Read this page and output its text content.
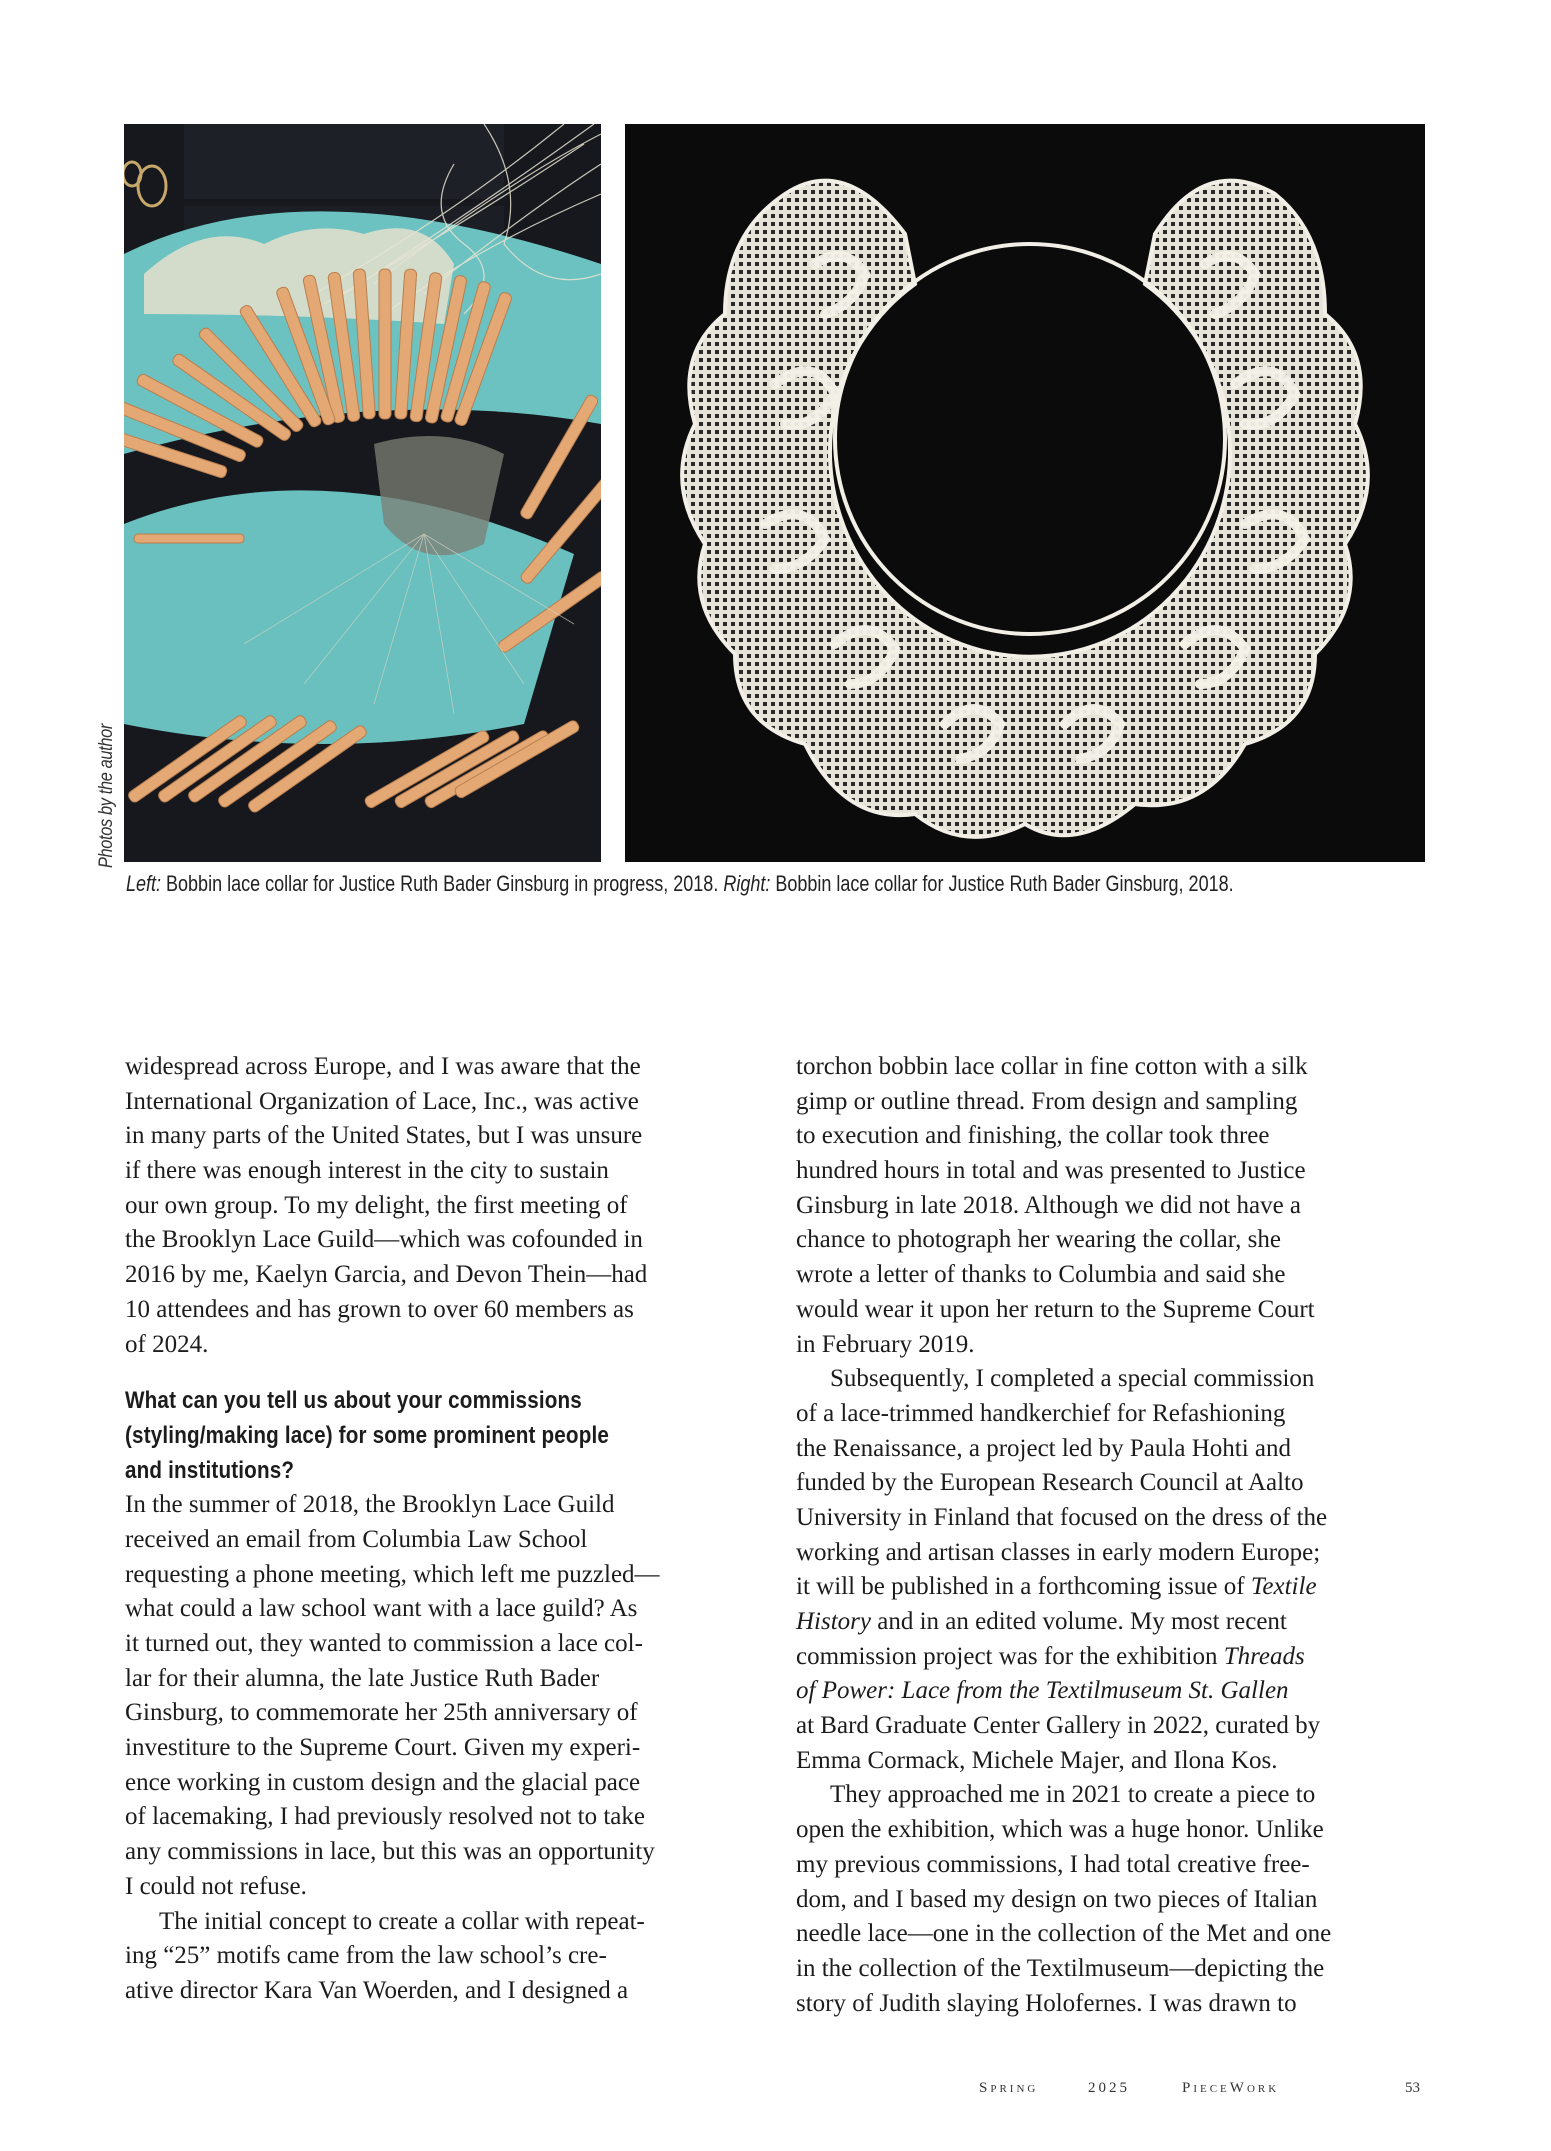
Photos by the author
Left: Bobbin lace collar for Justice Ruth Bader Ginsburg in progress, 2018. Right: Bobbin lace collar for Justice Ruth Bader Ginsburg, 2018.
widespread across Europe, and I was aware that the
International Organization of Lace, Inc., was active
in many parts of the United States, but I was unsure
if there was enough interest in the city to sustain
our own group. To my delight, the first meeting of
the Brooklyn Lace Guild—which was cofounded in
2016 by me, Kaelyn Garcia, and Devon Thein—had
10 attendees and has grown to over 60 members as
of 2024.
What can you tell us about your commissions
(styling/making lace) for some prominent people
and institutions?
In the summer of 2018, the Brooklyn Lace Guild
received an email from Columbia Law School
requesting a phone meeting, which left me puzzled—
what could a law school want with a lace guild? As
it turned out, they wanted to commission a lace col-
lar for their alumna, the late Justice Ruth Bader
Ginsburg, to commemorate her 25th anniversary of
investiture to the Supreme Court. Given my experi-
ence working in custom design and the glacial pace
of lacemaking, I had previously resolved not to take
any commissions in lace, but this was an opportunity
I could not refuse.
The initial concept to create a collar with repeat-
ing “25” motifs came from the law school’s cre-
ative director Kara Van Woerden, and I designed a
torchon bobbin lace collar in fine cotton with a silk
gimp or outline thread. From design and sampling
to execution and finishing, the collar took three
hundred hours in total and was presented to Justice
Ginsburg in late 2018. Although we did not have a
chance to photograph her wearing the collar, she
wrote a letter of thanks to Columbia and said she
would wear it upon her return to the Supreme Court
in February 2019.
Subsequently, I completed a special commission
of a lace-trimmed handkerchief for Refashioning
the Renaissance, a project led by Paula Hohti and
funded by the European Research Council at Aalto
University in Finland that focused on the dress of the
working and artisan classes in early modern Europe;
it will be published in a forthcoming issue of Textile
History and in an edited volume. My most recent
commission project was for the exhibition Threads
of Power: Lace from the Textilmuseum St. Gallen
at Bard Graduate Center Gallery in 2022, curated by
Emma Cormack, Michele Majer, and Ilona Kos.
They approached me in 2021 to create a piece to
open the exhibition, which was a huge honor. Unlike
my previous commissions, I had total creative free-
dom, and I based my design on two pieces of Italian
needle lace—one in the collection of the Met and one
in the collection of the Textilmuseum—depicting the
story of Judith slaying Holofernes. I was drawn to
Spring	2025	PieceWork	53
